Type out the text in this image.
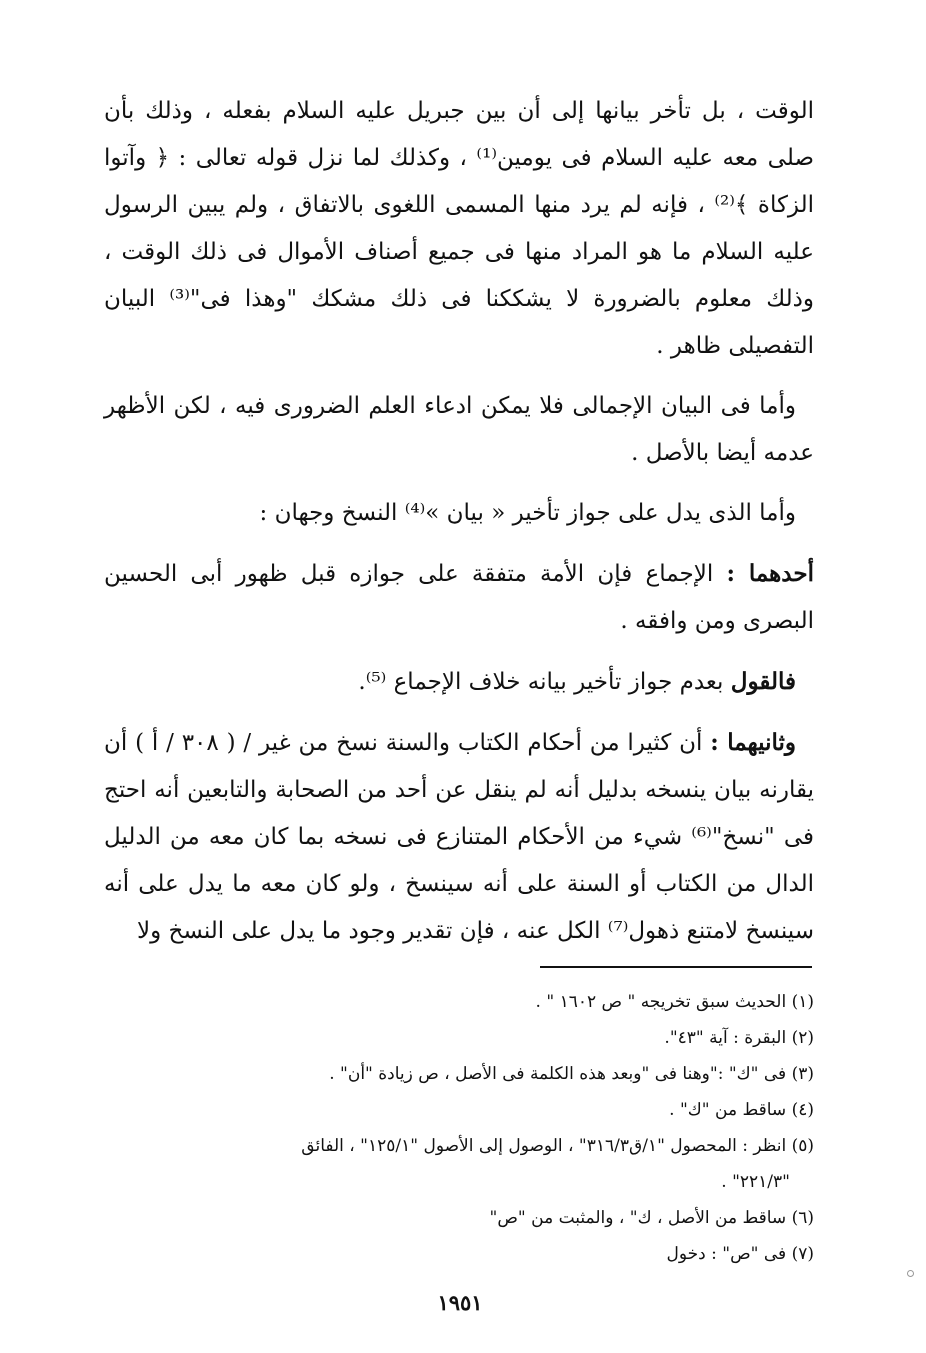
الوقت ، بل تأخر بيانها إلى أن بين جبريل عليه السلام بفعله ، وذلك بأن صلى معه عليه السلام فى يومين⁽¹⁾ ، وكذلك لما نزل قوله تعالى : ﴿ وآتوا الزكاة ﴾⁽²⁾ ، فإنه لم يرد منها المسمى اللغوى بالاتفاق ، ولم يبين الرسول عليه السلام ما هو المراد منها فى جميع أصناف الأموال فى ذلك الوقت ، وذلك معلوم بالضرورة لا يشككنا فى ذلك مشكك "وهذا فى"⁽³⁾ البيان التفصيلى ظاهر .

وأما فى البيان الإجمالى فلا يمكن ادعاء العلم الضرورى فيه ، لكن الأظهر عدمه أيضا بالأصل .

وأما الذى يدل على جواز تأخير « بيان »⁽⁴⁾ النسخ وجهان :

أحدهما : الإجماع فإن الأمة متفقة على جوازه قبل ظهور أبى الحسين البصرى ومن وافقه .

فالقول بعدم جواز تأخير بيانه خلاف الإجماع ⁽⁵⁾.

وثانيهما : أن كثيرا من أحكام الكتاب والسنة نسخ من غير / ( ٣٠٨ / أ ) أن يقارنه بيان ينسخه بدليل أنه لم ينقل عن أحد من الصحابة والتابعين أنه احتج فى "نسخ"⁽⁶⁾ شيء من الأحكام المتنازع فى نسخه بما كان معه من الدليل الدال من الكتاب أو السنة على أنه سينسخ ، ولو كان معه ما يدل على أنه سينسخ لامتنع ذهول⁽⁷⁾ الكل عنه ، فإن تقدير وجود ما يدل على النسخ ولا

(١) الحديث سبق تخريجه " ص ١٦٠٢ " .
(٢) البقرة : آية "٤٣".
(٣) فى "ك" :"وهنا فى "وبعد هذه الكلمة فى الأصل ، ص زيادة "أن" .
(٤) ساقط من "ك" .
(٥) انظر : المحصول "١/ق٣١٦/٣" ، الوصول إلى الأصول "١٢٥/١" ، الفائق
"٢٢١/٣" .
(٦) ساقط من الأصل ، ك" ، والمثبت من "ص"
(٧) فى "ص" : دخول
١٩٥١
